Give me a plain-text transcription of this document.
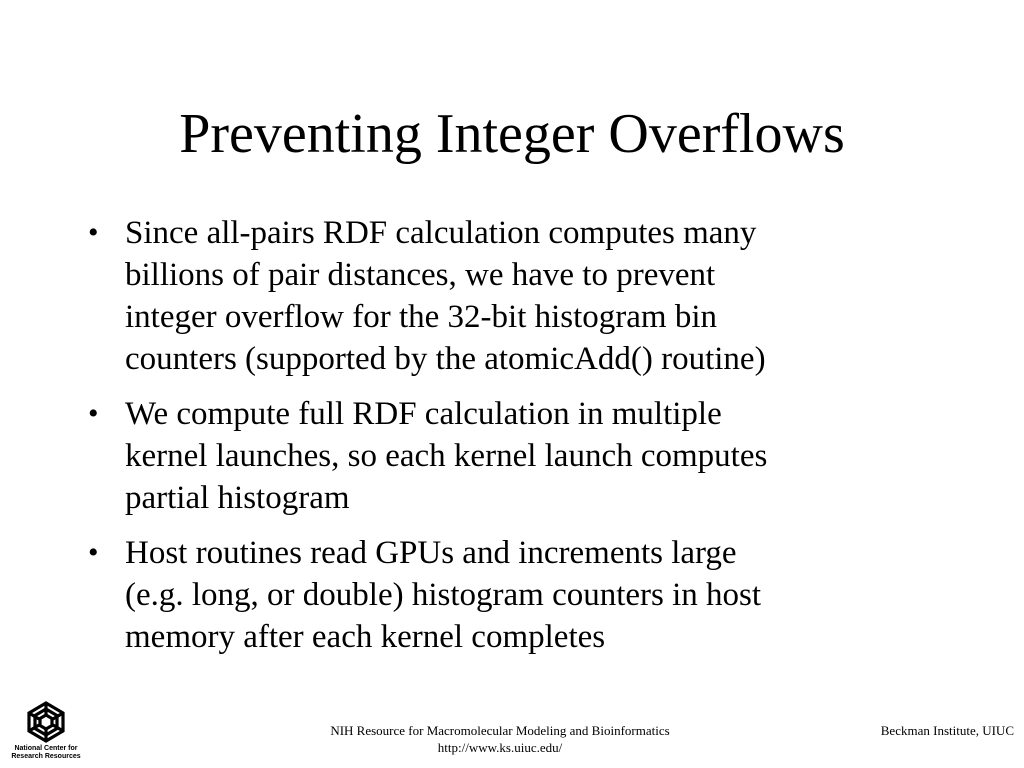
Preventing Integer Overflows
• Since all-pairs RDF calculation computes many
billions of pair distances, we have to prevent
integer overflow for the 32-bit histogram bin
counters (supported by the atomicAdd() routine)
• We compute full RDF calculation in multiple
kernel launches, so each kernel launch computes
partial histogram
• Host routines read GPUs and increments large
(e.g. long, or double) histogram counters in host
memory after each kernel completes
National Center for
Research Resources
NIH Resource for Macromolecular Modeling and Bioinformatics
http://www.ks.uiuc.edu/
Beckman Institute, UIUC
